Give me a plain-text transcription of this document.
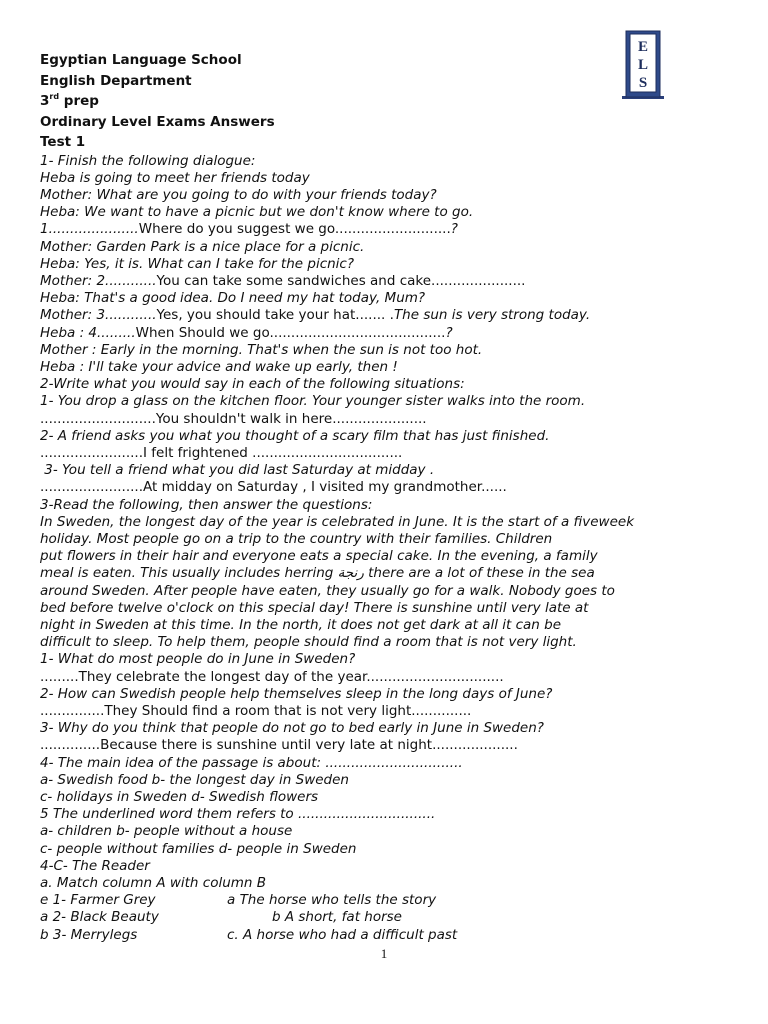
E
L
S
Egyptian Language School
English Department
3rd prep
Ordinary Level Exams Answers
Test 1
1- Finish the following dialogue:
Heba is going to meet her friends today
Mother: What are you going to do with your friends today?
Heba: We want to have a picnic but we don't know where to go.
1.....................Where do you suggest we go...........................?
Mother: Garden Park is a nice place for a picnic.
Heba: Yes, it is. What can I take for the picnic?
Mother: 2............You can take some sandwiches and cake......................
Heba: That's a good idea. Do I need my hat today, Mum?
Mother: 3............Yes, you should take your hat....... .The sun is very strong today.
Heba : 4.........When Should we go.........................................?
Mother : Early in the morning. That's when the sun is not too hot.
Heba : I'll take your advice and wake up early, then !
2-Write what you would say in each of the following situations:
1- You drop a glass on the kitchen floor. Your younger sister walks into the room.
...........................You shouldn't walk in here......................
2- A friend asks you what you thought of a scary film that has just finished.
........................I felt frightened ...................................
3- You tell a friend what you did last Saturday at midday .
........................At midday on Saturday , I visited my grandmother......
3-Read the following, then answer the questions:
In Sweden, the longest day of the year is celebrated in June. It is the start of a fiveweek
holiday. Most people go on a trip to the country with their families. Children
put flowers in their hair and everyone eats a special cake. In the evening, a family
meal is eaten. This usually includes herring رنجة there are a lot of these in the sea
around Sweden. After people have eaten, they usually go for a walk. Nobody goes to
bed before twelve o'clock on this special day! There is sunshine until very late at
night in Sweden at this time. In the north, it does not get dark at all it can be
difficult to sleep. To help them, people should find a room that is not very light.
1- What do most people do in June in Sweden?
.........They celebrate the longest day of the year................................
2- How can Swedish people help themselves sleep in the long days of June?
...............They Should find a room that is not very light..............
3- Why do you think that people do not go to bed early in June in Sweden?
..............Because there is sunshine until very late at night....................
4- The main idea of the passage is about: ................................
a- Swedish food b- the longest day in Sweden
c- holidays in Sweden d- Swedish flowers
5 The underlined word them refers to ................................
a- children b- people without a house
c- people without families d- people in Sweden
4-C- The Reader
a. Match column A with column B
e 1- Farmer Grey	a The horse who tells the story
a 2- Black Beauty	b A short, fat horse
b 3- Merrylegs	c. A horse who had a difficult past
1
